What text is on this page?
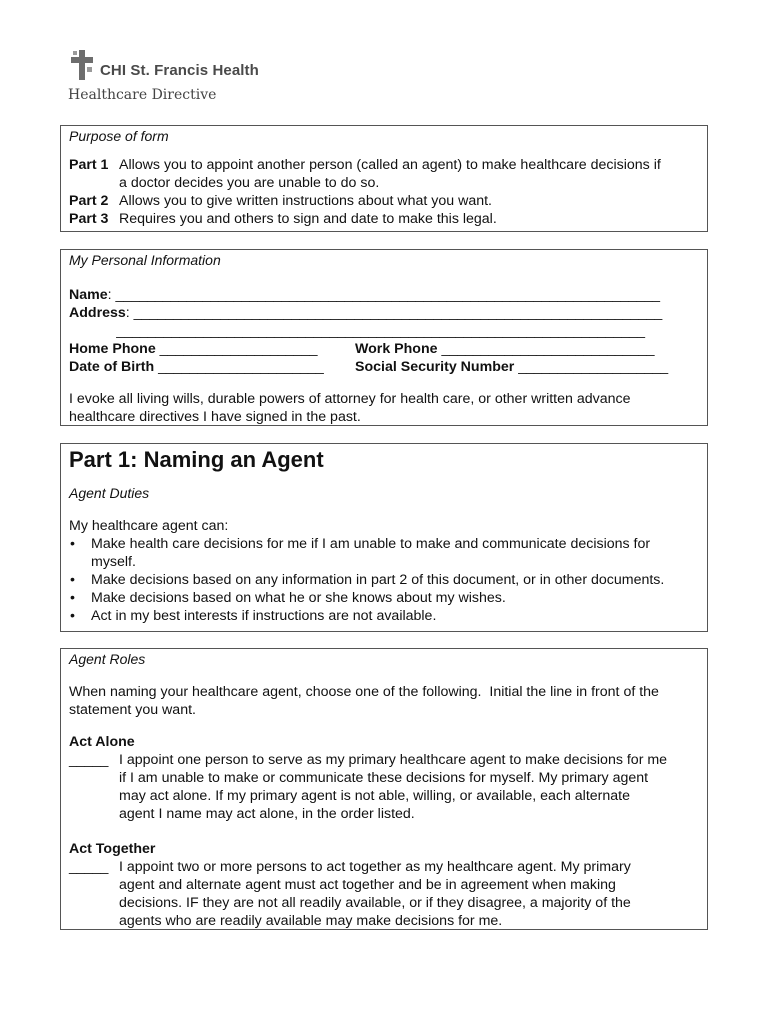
CHI St. Francis Health
Healthcare Directive
Purpose of form
Part 1 Allows you to appoint another person (called an agent) to make healthcare decisions if
a doctor decides you are unable to do so.
Part 2 Allows you to give written instructions about what you want.
Part 3 Requires you and others to sign and date to make this legal.
My Personal Information
Name: _____________________________________________________________________
Address: ___________________________________________________________________
___________________________________________________________________
Home Phone ____________________	Work Phone ___________________________
Date of Birth _____________________	Social Security Number ___________________
I evoke all living wills, durable powers of attorney for health care, or other written advance
healthcare directives I have signed in the past.
Part 1: Naming an Agent
Agent Duties
My healthcare agent can:
• Make health care decisions for me if I am unable to make and communicate decisions for
myself.
• Make decisions based on any information in part 2 of this document, or in other documents.
• Make decisions based on what he or she knows about my wishes.
• Act in my best interests if instructions are not available.
Agent Roles
When naming your healthcare agent, choose one of the following.  Initial the line in front of the
statement you want.
Act Alone
_____ I appoint one person to serve as my primary healthcare agent to make decisions for me
if I am unable to make or communicate these decisions for myself. My primary agent
may act alone. If my primary agent is not able, willing, or available, each alternate
agent I name may act alone, in the order listed.
Act Together
_____ I appoint two or more persons to act together as my healthcare agent. My primary
agent and alternate agent must act together and be in agreement when making
decisions. IF they are not all readily available, or if they disagree, a majority of the
agents who are readily available may make decisions for me.
